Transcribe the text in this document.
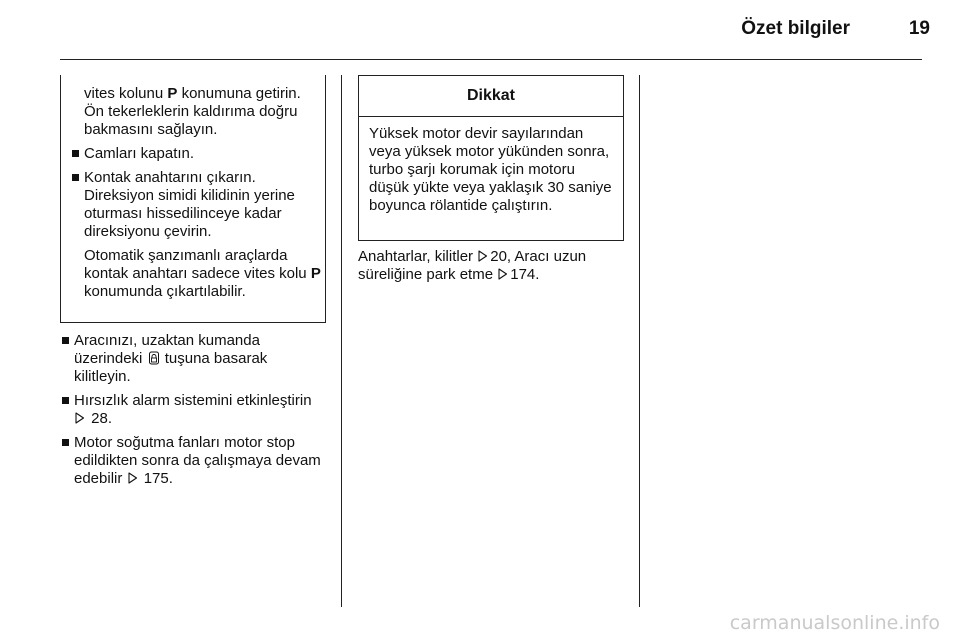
Özet bilgiler	19
vites kolunu P konumuna getirin. Ön tekerleklerin kaldırıma doğru bakmasını sağlayın.
Camları kapatın.
Kontak anahtarını çıkarın. Direksiyon simidi kilidinin yerine oturması hissedilinceye kadar direksiyonu çevirin.
Otomatik şanzımanlı araçlarda kontak anahtarı sadece vites kolu P konumunda çıkartılabilir.
Aracınızı, uzaktan kumanda üzerindeki tuşuna basarak kilitleyin.
Hırsızlık alarm sistemini etkinleştirin
28.
Motor soğutma fanları motor stop edildikten sonra da çalışmaya devam edebilir 175.
Dikkat
Yüksek motor devir sayılarından veya yüksek motor yükünden sonra, turbo şarjı korumak için motoru düşük yükte veya yaklaşık 30 saniye boyunca rölantide çalıştırın.
Anahtarlar, kilitler 20, Aracı uzun süreliğine park etme 174.
carmanualsonline.info
